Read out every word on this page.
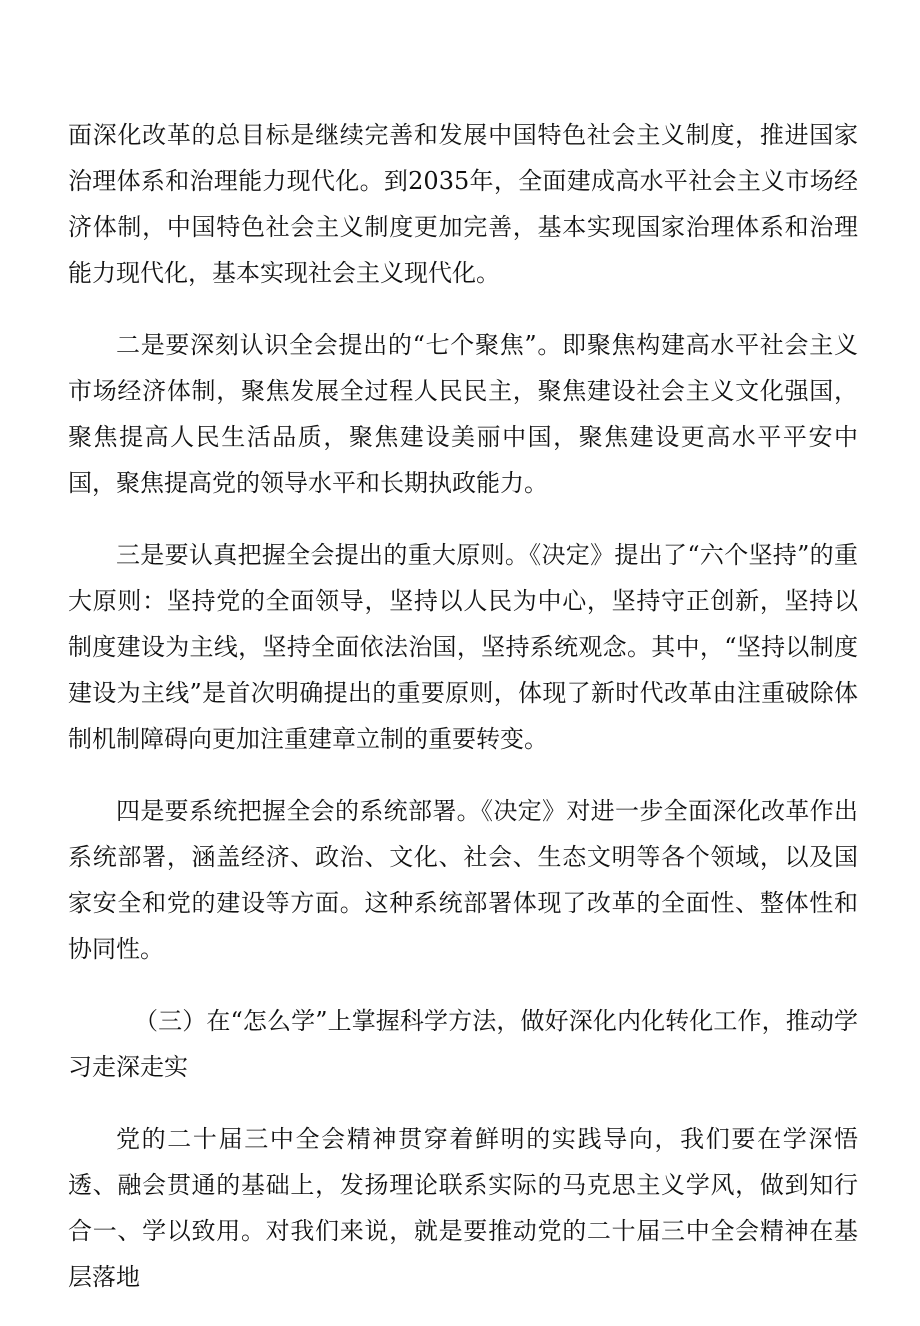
面深化改革的总目标是继续完善和发展中国特色社会主义制度，推进国家治理体系和治理能力现代化。到2035年，全面建成高水平社会主义市场经济体制，中国特色社会主义制度更加完善，基本实现国家治理体系和治理能力现代化，基本实现社会主义现代化。

二是要深刻认识全会提出的“七个聚焦”。即聚焦构建高水平社会主义市场经济体制，聚焦发展全过程人民民主，聚焦建设社会主义文化强国，聚焦提高人民生活品质，聚焦建设美丽中国，聚焦建设更高水平平安中国，聚焦提高党的领导水平和长期执政能力。

三是要认真把握全会提出的重大原则。《决定》提出了“六个坚持”的重大原则：坚持党的全面领导，坚持以人民为中心，坚持守正创新，坚持以制度建设为主线，坚持全面依法治国，坚持系统观念。其中，“坚持以制度建设为主线”是首次明确提出的重要原则，体现了新时代改革由注重破除体制机制障碍向更加注重建章立制的重要转变。

四是要系统把握全会的系统部署。《决定》对进一步全面深化改革作出系统部署，涵盖经济、政治、文化、社会、生态文明等各个领域，以及国家安全和党的建设等方面。这种系统部署体现了改革的全面性、整体性和协同性。

（三）在“怎么学”上掌握科学方法，做好深化内化转化工作，推动学习走深走实

党的二十届三中全会精神贯穿着鲜明的实践导向，我们要在学深悟透、融会贯通的基础上，发扬理论联系实际的马克思主义学风，做到知行合一、学以致用。对我们来说，就是要推动党的二十届三中全会精神在基层落地
